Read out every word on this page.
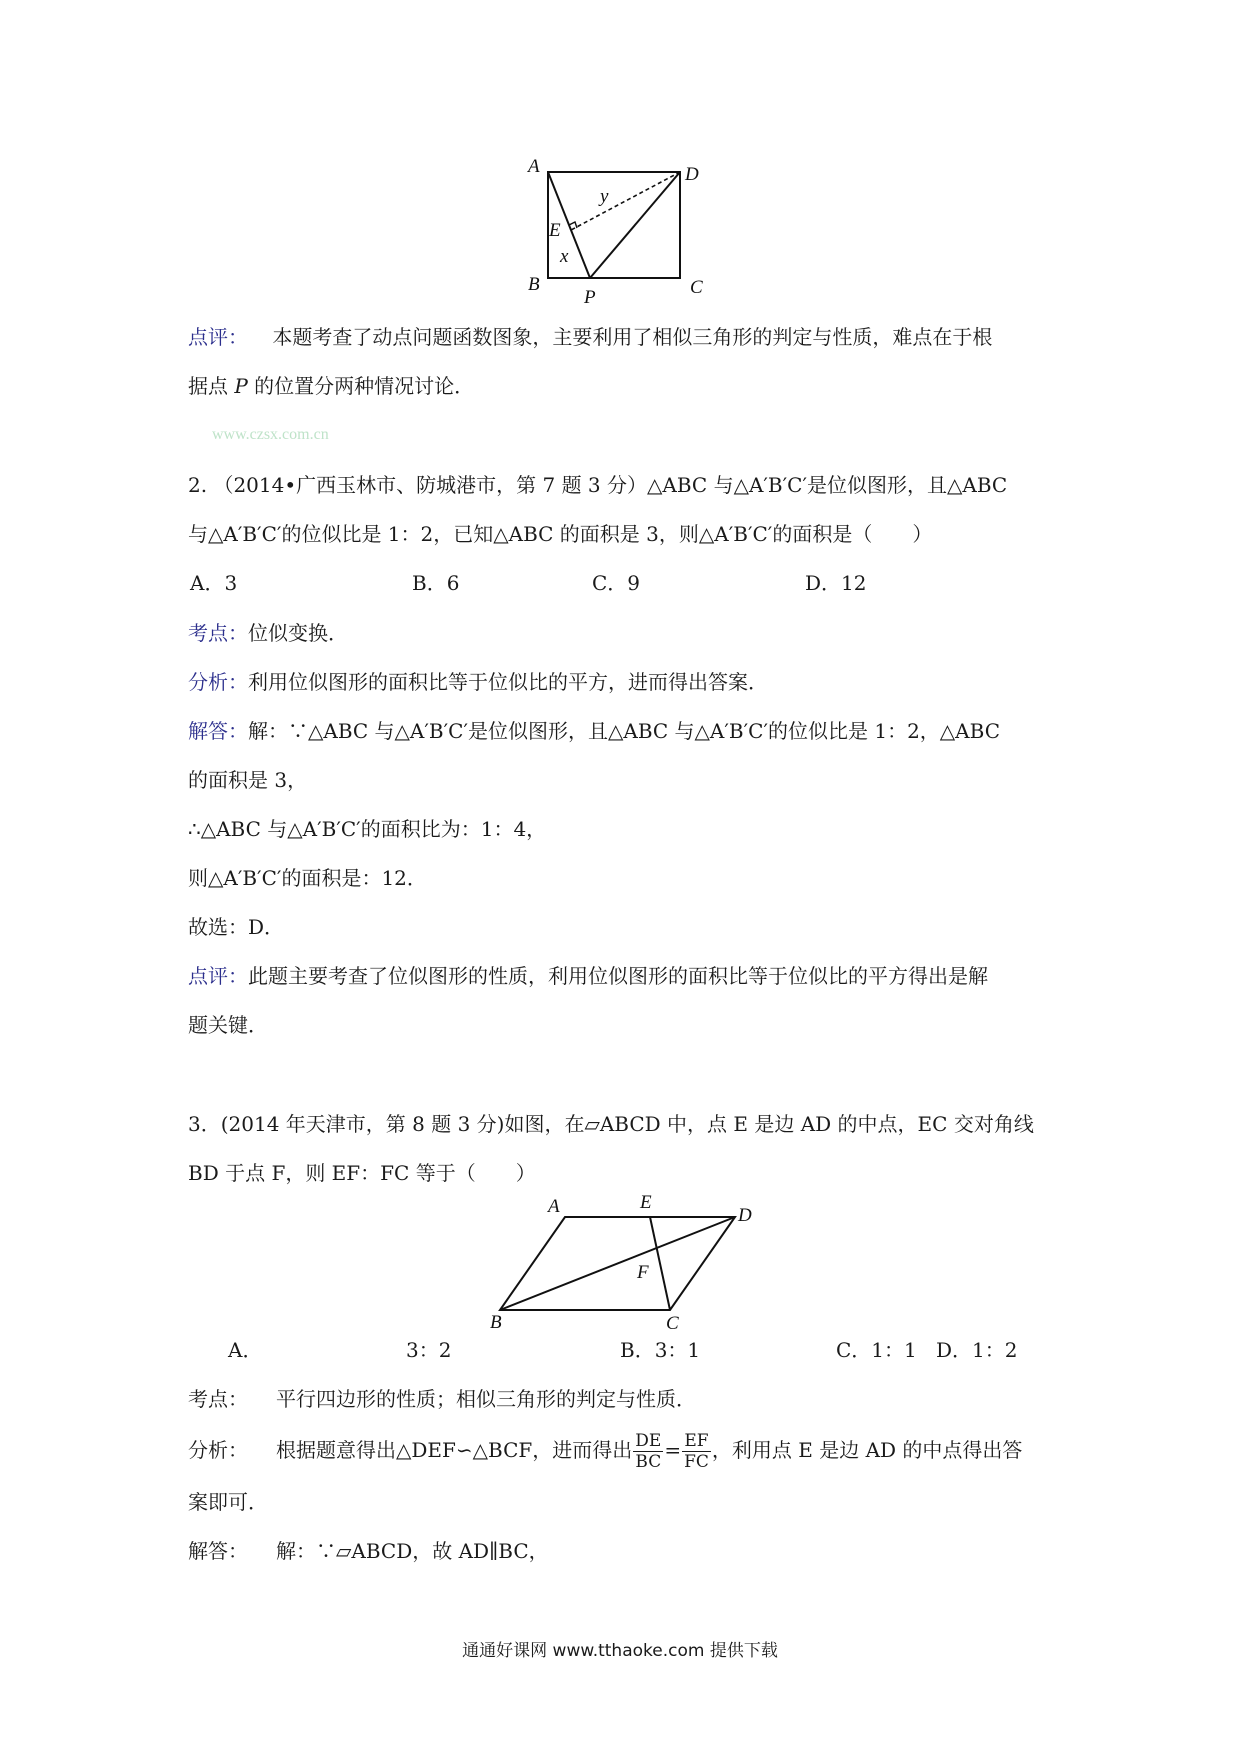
A	D
y
E
x
B
P	C
点评： 本题考查了动点问题函数图象，主要利用了相似三角形的判定与性质，难点在于根
据点 P 的位置分两种情况讨论．
www.czsx.com.cn
2. （2014•广西玉林市、防城港市，第 7 题 3 分）△ABC 与△A′B′C′是位似图形，且△ABC
与△A′B′C′的位似比是 1：2，已知△ABC 的面积是 3，则△A′B′C′的面积是（　　）
A．3	B．6	C．9	D．12
考点：位似变换．
分析：利用位似图形的面积比等于位似比的平方，进而得出答案．
解答：解：∵△ABC 与△A′B′C′是位似图形，且△ABC 与△A′B′C′的位似比是 1：2，△ABC
的面积是 3，
∴△ABC 与△A′B′C′的面积比为：1：4，
则△A′B′C′的面积是：12．
故选：D．
点评：此题主要考查了位似图形的性质，利用位似图形的面积比等于位似比的平方得出是解
题关键．
3．(2014 年天津市，第 8 题 3 分)如图，在▱ABCD 中，点 E 是边 AD 的中点，EC 交对角线
BD 于点 F，则 EF：FC 等于（　　）
A	E
D
F
B	C
A．	3：2	B．3：1	C．1：1 D．1：2
考点： 平行四边形的性质；相似三角形的判定与性质．
分析： 根据题意得出△DEF∽△BCF，进而得出 $\frac{DE}{BC} = \frac{EF}{FC}$ ，利用点 E 是边 AD 的中点得出答
案即可．
解答： 解：∵▱ABCD，故 AD∥BC，
通通好课网 www.tthaoke.com 提供下载
